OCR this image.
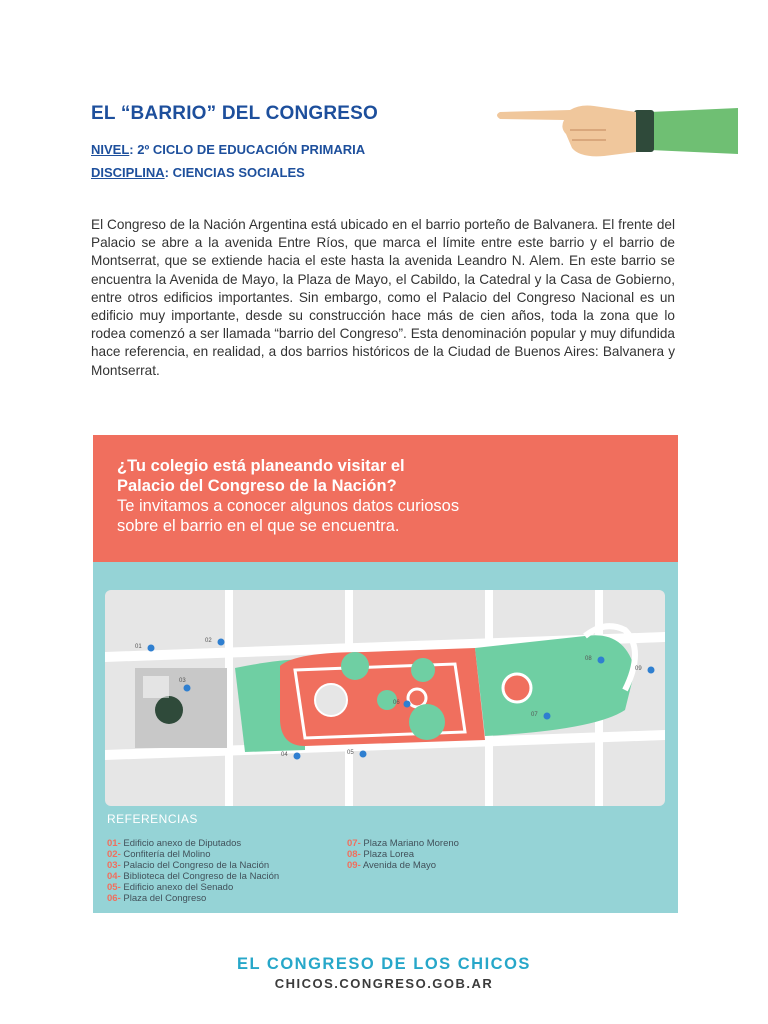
EL “BARRIO” DEL CONGRESO
NIVEL: 2º CICLO DE EDUCACIÓN PRIMARIA
DISCIPLINA: CIENCIAS SOCIALES
El Congreso de la Nación Argentina está ubicado en el barrio porteño de Balvanera. El frente del Palacio se abre a la avenida Entre Ríos, que marca el límite entre este barrio y el barrio de Montserrat, que se extiende hacia el este hasta la avenida Leandro N. Alem. En este barrio se encuentra la Avenida de Mayo, la Plaza de Mayo, el Cabildo, la Catedral y la Casa de Gobierno, entre otros edificios importantes. Sin embargo, como el Palacio del Congreso Nacional es un edificio muy importante, desde su construcción hace más de cien años, toda la zona que lo rodea comenzó a ser llamada “barrio del Congreso”. Esta denominación popular y muy difundida hace referencia, en realidad, a dos barrios históricos de la Ciudad de Buenos Aires: Balvanera y Montserrat.
¿Tu colegio está planeando visitar el
Palacio del Congreso de la Nación?
Te invitamos a conocer algunos datos curiosos
sobre el barrio en el que se encuentra.
01
02
03
04	05
06
07
08
09
REFERENCIAS
01- Edificio anexo de Diputados
02- Confitería del Molino
03- Palacio del Congreso de la Nación
04- Biblioteca del Congreso de la Nación
05- Edificio anexo del Senado
06- Plaza del Congreso
07- Plaza Mariano Moreno
08- Plaza Lorea
09- Avenida de Mayo
EL CONGRESO DE LOS CHICOS
CHICOS.CONGRESO.GOB.AR
